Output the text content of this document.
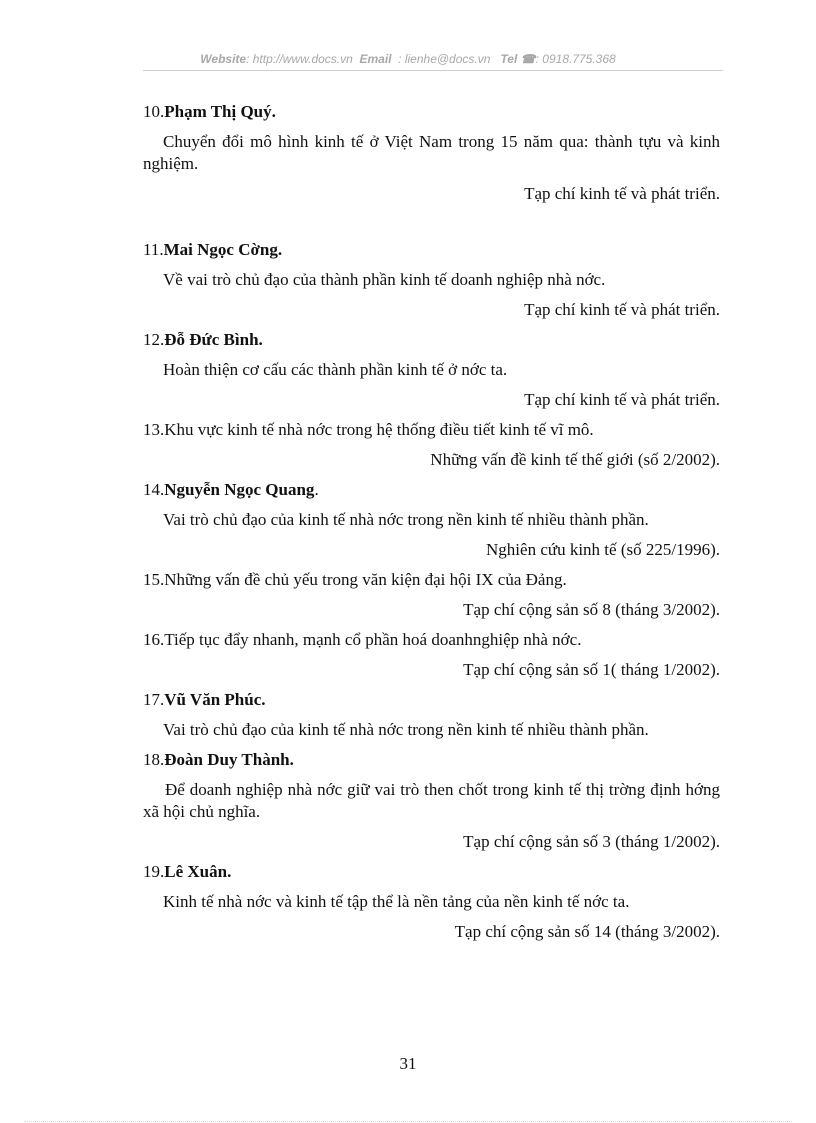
Website: http://www.docs.vn Email : lienhe@docs.vn Tel ☎: 0918.775.368

10.Phạm Thị Quý.

Chuyển đổi mô hình kinh tế ở Việt Nam trong 15 năm qua: thành tựu và kinh nghiệm.

Tạp chí kinh tế và phát triển.

11.Mai Ngọc Cờng.

Về vai trò chủ đạo của thành phần kinh tế doanh nghiệp nhà nớc.

Tạp chí kinh tế và phát triển.

12.Đỗ Đức Bình.

Hoàn thiện cơ cấu các thành phần kinh tế ở nớc ta.

Tạp chí kinh tế và phát triển.

13.Khu vực kinh tế nhà nớc trong hệ thống điều tiết kinh tế vĩ mô.

Những vấn đề kinh tế thế giới (số 2/2002).

14.Nguyễn Ngọc Quang.

Vai trò chủ đạo của kinh tế nhà nớc trong nền kinh tế nhiều thành phần.

Nghiên cứu kinh tế (số 225/1996).

15.Những vấn đề chủ yếu trong văn kiện đại hội IX của Đảng.

Tạp chí cộng sản số 8 (tháng 3/2002).

16.Tiếp tục đẩy nhanh, mạnh cổ phần hoá doanhnghiệp nhà nớc.

Tạp chí cộng sản số 1( tháng 1/2002).

17.Vũ Văn Phúc.

Vai trò chủ đạo của kinh tế nhà nớc trong nền kinh tế nhiều thành phần.

18.Đoàn Duy Thành.

Để doanh nghiệp nhà nớc giữ vai trò then chốt trong kinh tế thị trờng định hớng xã hội chủ nghĩa.

Tạp chí cộng sản số 3 (tháng 1/2002).

19.Lê Xuân.

Kinh tế nhà nớc và kinh tế tập thể là nền tảng của nền kinh tế nớc ta.

Tạp chí cộng sản số 14 (tháng 3/2002).

31
